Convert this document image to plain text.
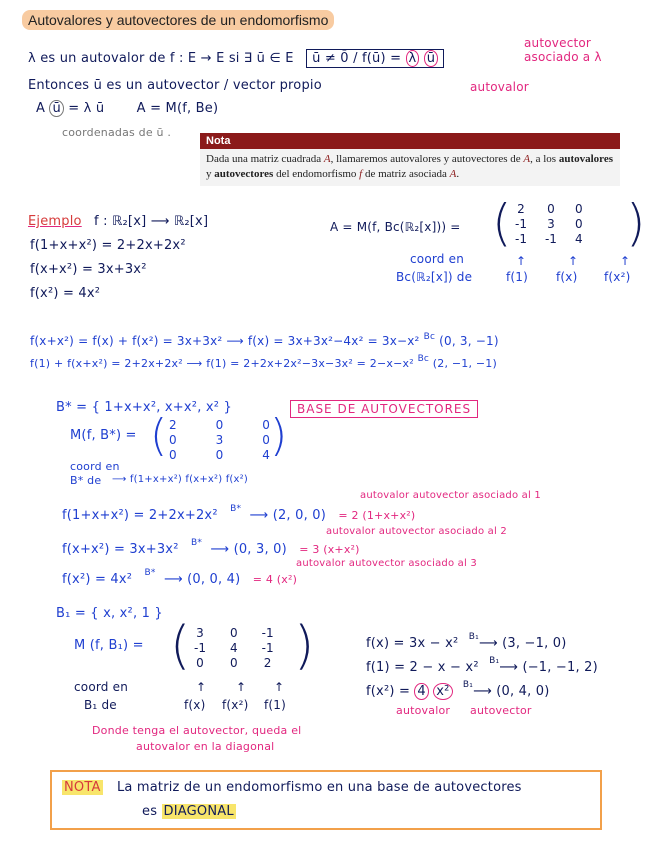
Autovalores y autovectores de un endomorfismo
λ es un autovalor de f : E → E si ∃ ū ∈ E ū ≠ 0̄ / f(ū) = λ ū
autovector
asociado a λ
autovalor
Entonces ū es un autovector / vector propio
A ū = λ ū A = M(f, Be)
coordenadas de ū .
Nota
Dada una matriz cuadrada A, llamaremos autovalores y autovectores de A, a los autovalores y autovectores del endomorfismo f de matriz asociada A.
Ejemplo f : ℝ₂[x] ⟶ ℝ₂[x]
f(1+x+x²) = 2+2x+2x²
f(x+x²) = 3x+3x²
f(x²) = 4x²
A = M(f, Bc(ℝ₂[x])) = ( 2	0	0
-1	3	0
-1	-1	4 )
coord en
Bc(ℝ₂[x]) de
↑	↑	↑
f(1) f(x) f(x²)
f(x+x²) = f(x) + f(x²) = 3x+3x² ⟶ f(x) = 3x+3x²−4x² = 3x−x² $^{Bc}$ (0, 3, −1)
f(1) + f(x+x²) = 2+2x+2x² ⟶ f(1) = 2+2x+2x²−3x−3x² = 2−x−x² $^{Bc}$ (2, −1, −1)
B* = { 1+x+x², x+x², x² }	BASE DE AUTOVECTORES
M(f, B*) = ( 2	0	0
0	3	0
0	0	4 )
coord en
B* de ⟶ f(1+x+x²) f(x+x²) f(x²)
f(1+x+x²) = 2+2x+2x² $^{B*}$ ⟶ (2, 0, 0) = 2 (1+x+x²)
autovalor autovector asociado al 1
f(x+x²) = 3x+3x² $^{B*}$ ⟶ (0, 3, 0) = 3 (x+x²)
autovalor autovector asociado al 2
f(x²) = 4x² $^{B*}$ ⟶ (0, 0, 4) = 4 (x²)
autovalor autovector asociado al 3
B₁ = { x, x², 1 }
M (f, B₁) = ( 3	0	-1
-1	4	-1
0	0	2 )
coord en
B₁ de
↑ ↑ ↑
f(x) f(x²) f(1)
f(x) = 3x − x² $^{B_1}$⟶ (3, −1, 0)
f(1) = 2 − x − x² $^{B_1}$⟶ (−1, −1, 2)
f(x²) = 4 x² $^{B_1}$⟶ (0, 4, 0)
autovalor autovector
Donde tenga el autovector, queda el
autovalor en la diagonal
NOTA La matriz de un endomorfismo en una base de autovectores
es DIAGONAL
